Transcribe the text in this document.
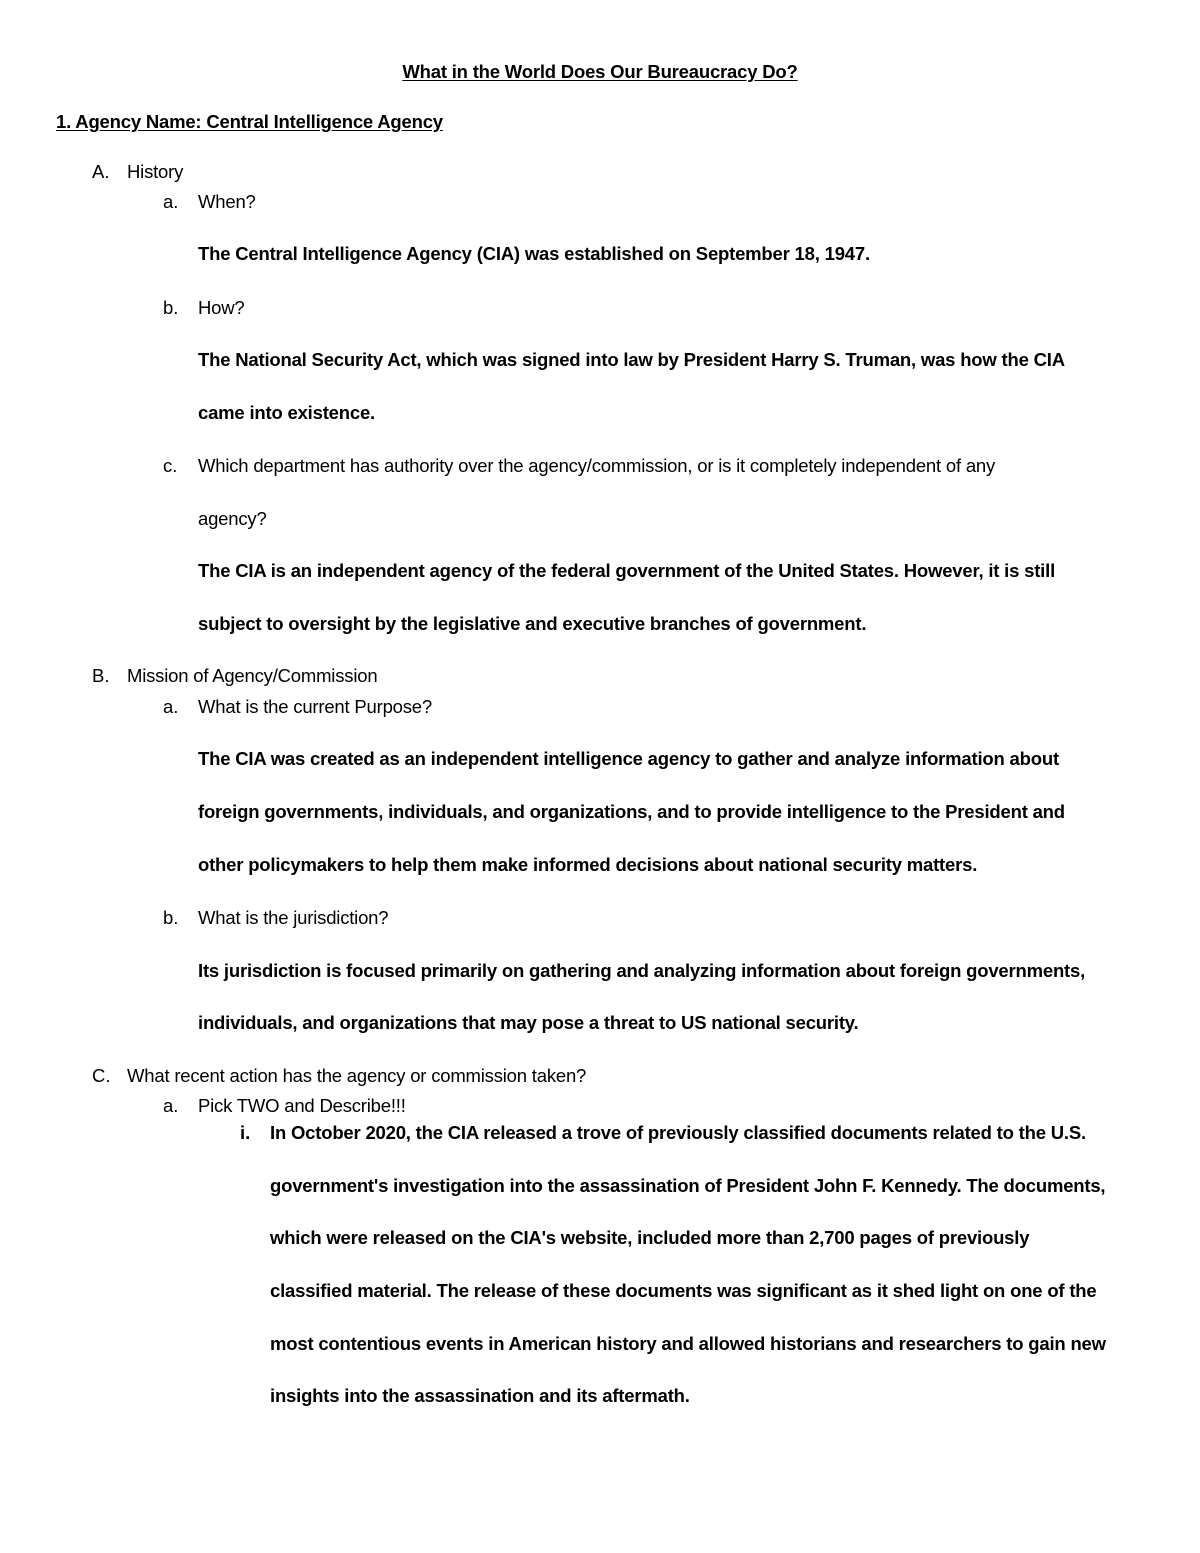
What in the World Does Our Bureaucracy Do?
1. Agency Name: Central Intelligence Agency
A. History
a. When?
The Central Intelligence Agency (CIA) was established on September 18, 1947.
b. How?
The National Security Act, which was signed into law by President Harry S. Truman, was how the CIA
came into existence.
c. Which department has authority over the agency/commission, or is it completely independent of any
agency?
The CIA is an independent agency of the federal government of the United States. However, it is still
subject to oversight by the legislative and executive branches of government.
B. Mission of Agency/Commission
a. What is the current Purpose?
The CIA was created as an independent intelligence agency to gather and analyze information about
foreign governments, individuals, and organizations, and to provide intelligence to the President and
other policymakers to help them make informed decisions about national security matters.
b. What is the jurisdiction?
Its jurisdiction is focused primarily on gathering and analyzing information about foreign governments,
individuals, and organizations that may pose a threat to US national security.
C. What recent action has the agency or commission taken?
a. Pick TWO and Describe!!!
i. In October 2020, the CIA released a trove of previously classified documents related to the U.S.
government's investigation into the assassination of President John F. Kennedy. The documents,
which were released on the CIA's website, included more than 2,700 pages of previously
classified material. The release of these documents was significant as it shed light on one of the
most contentious events in American history and allowed historians and researchers to gain new
insights into the assassination and its aftermath.
